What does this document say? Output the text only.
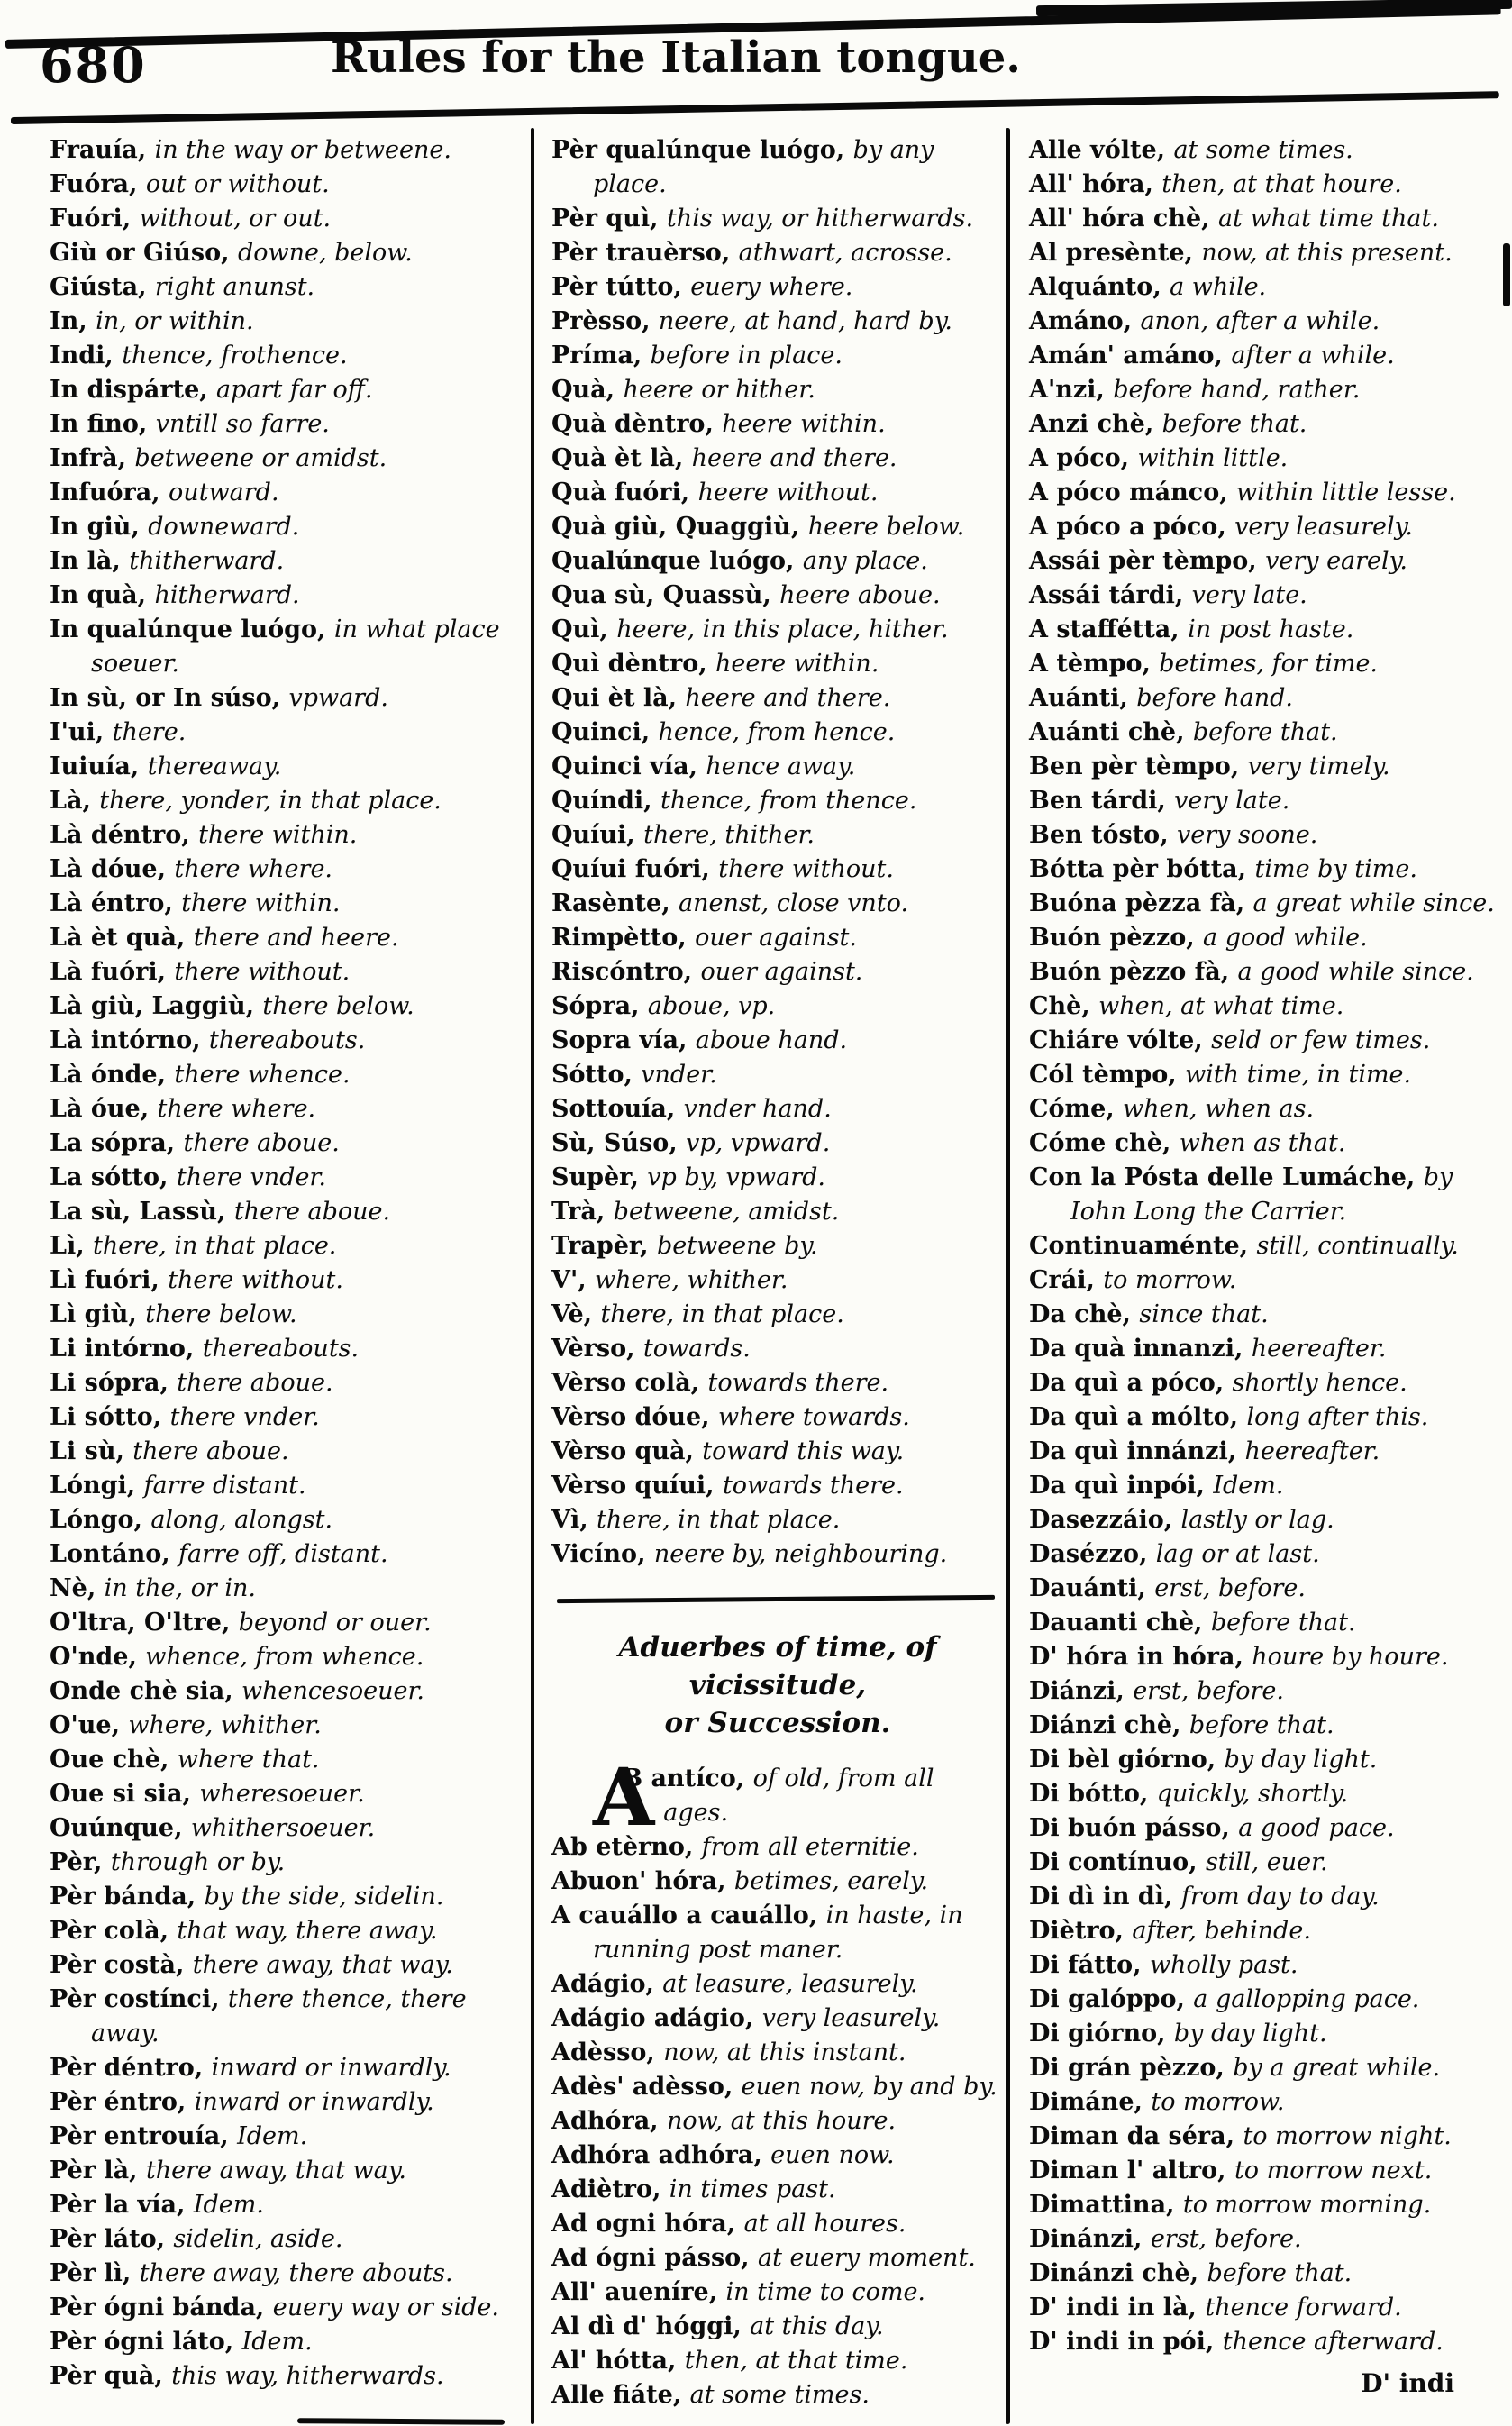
680	Rules for the Italian tongue.
Frauía, in the way or betweene.
Fuóra, out or without.
Fuóri, without, or out.
Giù or Giúso, downe, below.
Giústa, right anunst.
In, in, or within.
Indi, thence, frothence.
In dispárte, apart far off.
In fino, vntill so farre.
Infrà, betweene or amidst.
Infuóra, outward.
In giù, downeward.
In là, thitherward.
In quà, hitherward.
In qualúnque luógo, in what place soeuer.
In sù, or In súso, vpward.
I'ui, there.
Iuiuía, thereaway.
Là, there, yonder, in that place.
Là déntro, there within.
Là dóue, there where.
Là éntro, there within.
Là èt quà, there and heere.
Là fuóri, there without.
Là giù, Laggiù, there below.
Là intórno, thereabouts.
Là ónde, there whence.
Là óue, there where.
La sópra, there aboue.
La sótto, there vnder.
La sù, Lassù, there aboue.
Lì, there, in that place.
Lì fuóri, there without.
Lì giù, there below.
Li intórno, thereabouts.
Li sópra, there aboue.
Li sótto, there vnder.
Li sù, there aboue.
Lóngi, farre distant.
Lóngo, along, alongst.
Lontáno, farre off, distant.
Nè, in the, or in.
O'ltra, O'ltre, beyond or ouer.
O'nde, whence, from whence.
Onde chè sia, whencesoeuer.
O'ue, where, whither.
Oue chè, where that.
Oue si sia, wheresoeuer.
Ouúnque, whithersoeuer.
Pèr, through or by.
Pèr bánda, by the side, sidelin.
Pèr colà, that way, there away.
Pèr costà, there away, that way.
Pèr costínci, there thence, there away.
Pèr déntro, inward or inwardly.
Pèr éntro, inward or inwardly.
Pèr entrouía, Idem.
Pèr là, there away, that way.
Pèr la vía, Idem.
Pèr láto, sidelin, aside.
Pèr lì, there away, there abouts.
Pèr ógni bánda, euery way or side.
Pèr ógni láto, Idem.
Pèr quà, this way, hitherwards.
Pèr qualúnque luógo, by any place.
Pèr quì, this way, or hitherwards.
Pèr trauèrso, athwart, acrosse.
Pèr tútto, euery where.
Prèsso, neere, at hand, hard by.
Príma, before in place.
Quà, heere or hither.
Quà dèntro, heere within.
Quà èt là, heere and there.
Quà fuóri, heere without.
Quà giù, Quaggiù, heere below.
Qualúnque luógo, any place.
Qua sù, Quassù, heere aboue.
Quì, heere, in this place, hither.
Quì dèntro, heere within.
Qui èt là, heere and there.
Quinci, hence, from hence.
Quinci vía, hence away.
Quíndi, thence, from thence.
Quíui, there, thither.
Quíui fuóri, there without.
Rasènte, anenst, close vnto.
Rimpètto, ouer against.
Riscóntro, ouer against.
Sópra, aboue, vp.
Sopra vía, aboue hand.
Sótto, vnder.
Sottouía, vnder hand.
Sù, Súso, vp, vpward.
Supèr, vp by, vpward.
Trà, betweene, amidst.
Trapèr, betweene by.
V', where, whither.
Vè, there, in that place.
Vèrso, towards.
Vèrso colà, towards there.
Vèrso dóue, where towards.
Vèrso quà, toward this way.
Vèrso quíui, towards there.
Vì, there, in that place.
Vicíno, neere by, neighbouring.
Aduerbes of time, of vicissitude,
or Succession.
A
B antíco, of old, from all ages.
Ab etèrno, from all eternitie.
Abuon' hóra, betimes, earely.
A cauállo a cauállo, in haste, in running post maner.
Adágio, at leasure, leasurely.
Adágio adágio, very leasurely.
Adèsso, now, at this instant.
Adès' adèsso, euen now, by and by.
Adhóra, now, at this houre.
Adhóra adhóra, euen now.
Adiètro, in times past.
Ad ogni hóra, at all houres.
Ad ógni pásso, at euery moment.
All' aueníre, in time to come.
Al dì d' hóggi, at this day.
Al' hótta, then, at that time.
Alle fiáte, at some times.
Alle vólte, at some times.
All' hóra, then, at that houre.
All' hóra chè, at what time that.
Al presènte, now, at this present.
Alquánto, a while.
Amáno, anon, after a while.
Amán' amáno, after a while.
A'nzi, before hand, rather.
Anzi chè, before that.
A póco, within little.
A póco mánco, within little lesse.
A póco a póco, very leasurely.
Assái pèr tèmpo, very earely.
Assái tárdi, very late.
A staffétta, in post haste.
A tèmpo, betimes, for time.
Auánti, before hand.
Auánti chè, before that.
Ben pèr tèmpo, very timely.
Ben tárdi, very late.
Ben tósto, very soone.
Bótta pèr bótta, time by time.
Buóna pèzza fà, a great while since.
Buón pèzzo, a good while.
Buón pèzzo fà, a good while since.
Chè, when, at what time.
Chiáre vólte, seld or few times.
Cól tèmpo, with time, in time.
Cóme, when, when as.
Cóme chè, when as that.
Con la Pósta delle Lumáche, by Iohn Long the Carrier.
Continuaménte, still, continually.
Crái, to morrow.
Da chè, since that.
Da quà innanzi, heereafter.
Da quì a póco, shortly hence.
Da quì a mólto, long after this.
Da quì innánzi, heereafter.
Da quì inpói, Idem.
Dasezzáio, lastly or lag.
Dasézzo, lag or at last.
Dauánti, erst, before.
Dauanti chè, before that.
D' hóra in hóra, houre by houre.
Diánzi, erst, before.
Diánzi chè, before that.
Di bèl giórno, by day light.
Di bótto, quickly, shortly.
Di buón pásso, a good pace.
Di contínuo, still, euer.
Di dì in dì, from day to day.
Diètro, after, behinde.
Di fátto, wholly past.
Di galóppo, a gallopping pace.
Di giórno, by day light.
Di grán pèzzo, by a great while.
Dimáne, to morrow.
Diman da séra, to morrow night.
Diman l' altro, to morrow next.
Dimattina, to morrow morning.
Dinánzi, erst, before.
Dinánzi chè, before that.
D' indi in là, thence forward.
D' indi in pói, thence afterward.
D' indi
